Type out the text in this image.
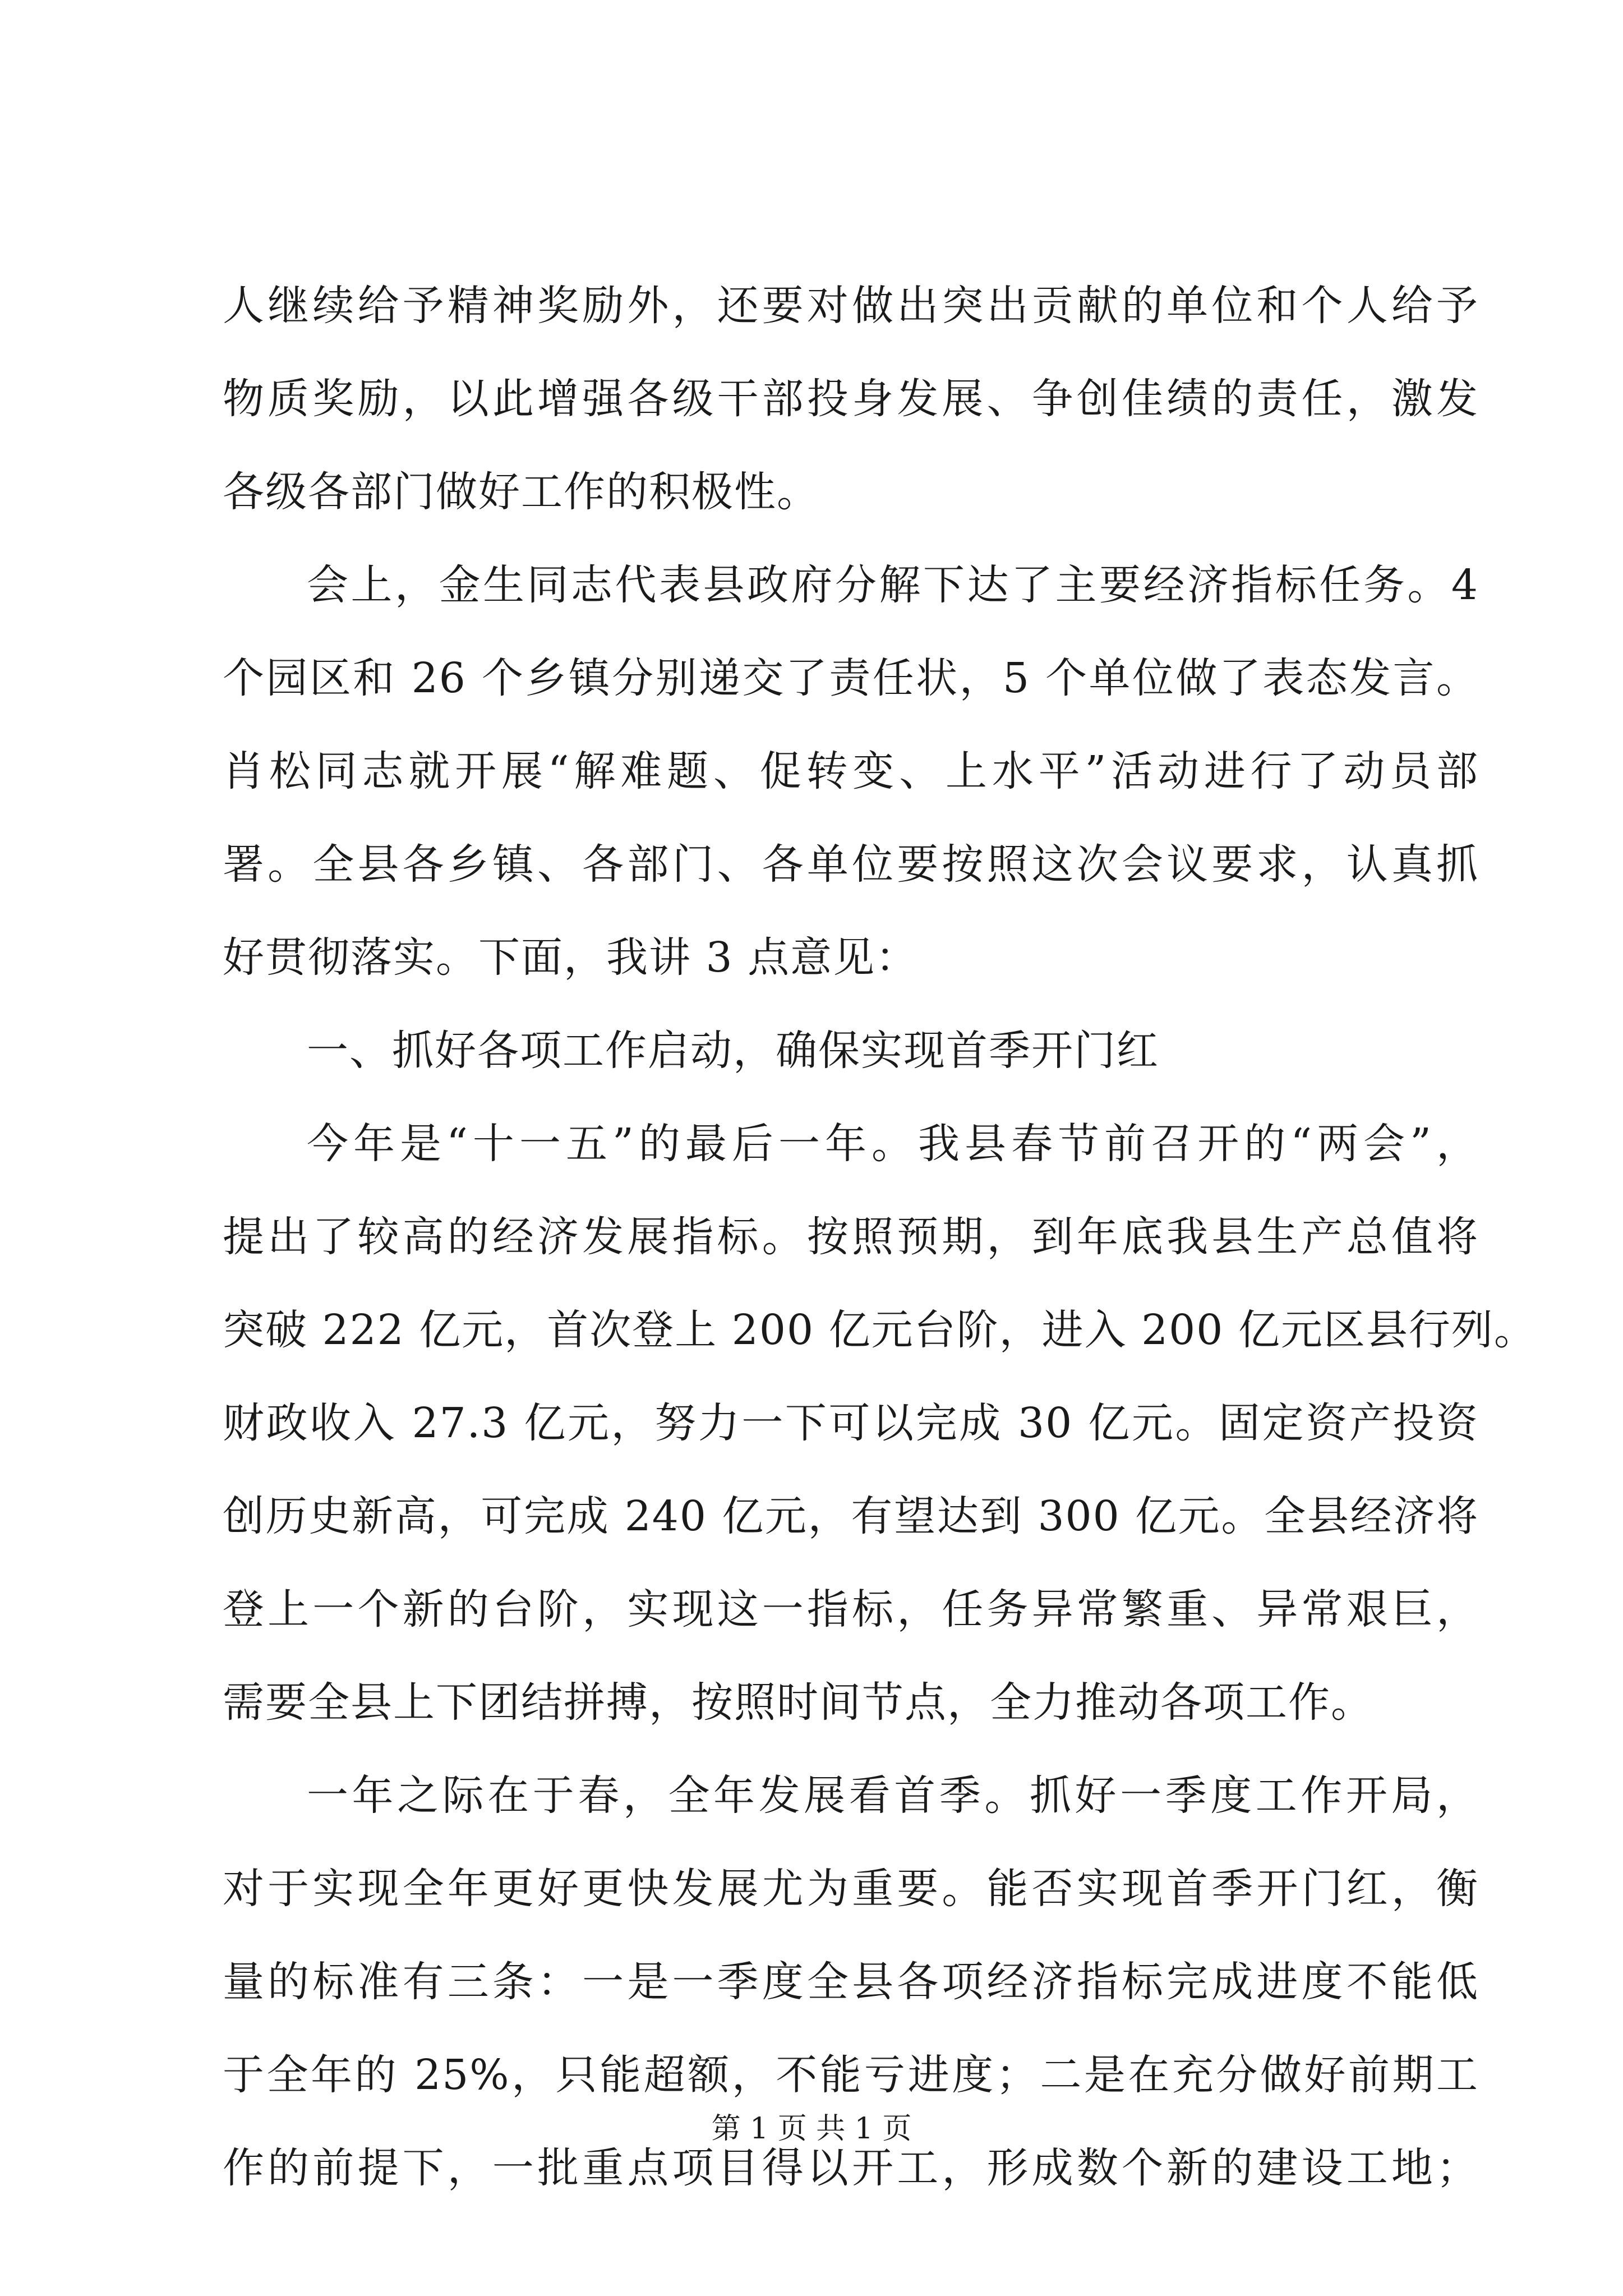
人继续给予精神奖励外，还要对做出突出贡献的单位和个人给予
物质奖励，以此增强各级干部投身发展、争创佳绩的责任，激发
各级各部门做好工作的积极性。
会上，金生同志代表县政府分解下达了主要经济指标任务。4
个园区和 26 个乡镇分别递交了责任状，5 个单位做了表态发言。
肖松同志就开展“解难题、促转变、上水平”活动进行了动员部
署。全县各乡镇、各部门、各单位要按照这次会议要求，认真抓
好贯彻落实。下面，我讲 3 点意见：
一、抓好各项工作启动，确保实现首季开门红
今年是“十一五”的最后一年。我县春节前召开的“两会”，
提出了较高的经济发展指标。按照预期，到年底我县生产总值将
突破 222 亿元，首次登上 200 亿元台阶，进入 200 亿元区县行列。
财政收入 27.3 亿元，努力一下可以完成 30 亿元。固定资产投资
创历史新高，可完成 240 亿元，有望达到 300 亿元。全县经济将
登上一个新的台阶，实现这一指标，任务异常繁重、异常艰巨，
需要全县上下团结拼搏，按照时间节点，全力推动各项工作。
一年之际在于春，全年发展看首季。抓好一季度工作开局，
对于实现全年更好更快发展尤为重要。能否实现首季开门红，衡
量的标准有三条：一是一季度全县各项经济指标完成进度不能低
于全年的 25%，只能超额，不能亏进度；二是在充分做好前期工
作的前提下，一批重点项目得以开工，形成数个新的建设工地；
第 1 页 共 1 页
